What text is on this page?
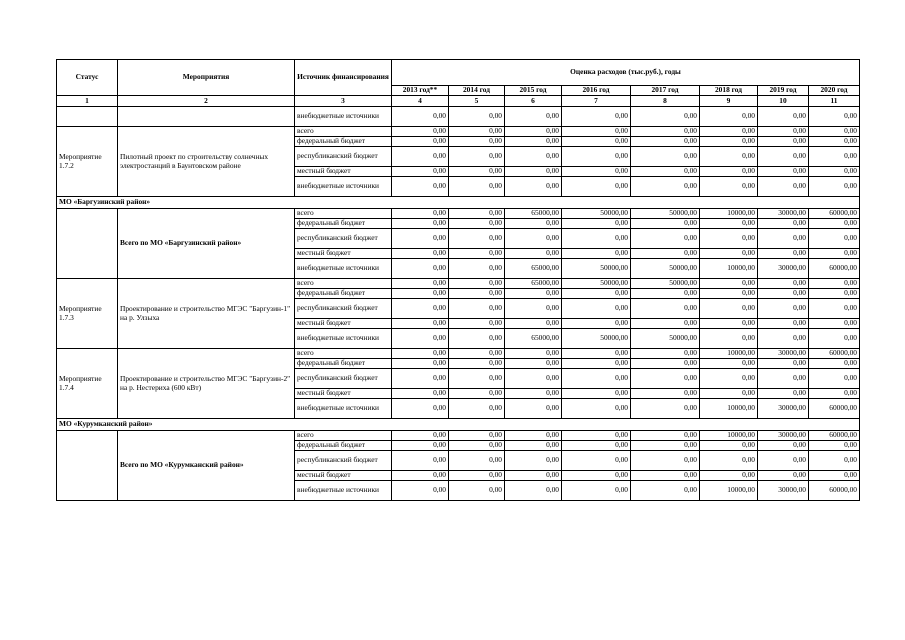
Статус	Мероприятия	Источник финансирования	Оценка расходов (тыс.руб.), годы							
			2013 год**	2014 год	2015 год	2016 год	2017 год	2018 год	2019 год	2020 год
1	2	3	4	5	6	7	8	9	10	11
		внебюджетные источники	0,00	0,00	0,00	0,00	0,00	0,00	0,00	0,00
Мероприятие 1.7.2	Пилотный проект по строительству солнечных электростанций в Баунтовском районе	всего	0,00	0,00	0,00	0,00	0,00	0,00	0,00	0,00
		федеральный бюджет	0,00	0,00	0,00	0,00	0,00	0,00	0,00	0,00
		республиканский бюджет	0,00	0,00	0,00	0,00	0,00	0,00	0,00	0,00
		местный бюджет	0,00	0,00	0,00	0,00	0,00	0,00	0,00	0,00
		внебюджетные источники	0,00	0,00	0,00	0,00	0,00	0,00	0,00	0,00
МО «Баргузинский район»										
	Всего по МО «Баргузинский район»	всего	0,00	0,00	65000,00	50000,00	50000,00	10000,00	30000,00	60000,00
		федеральный бюджет	0,00	0,00	0,00	0,00	0,00	0,00	0,00	0,00
		республиканский бюджет	0,00	0,00	0,00	0,00	0,00	0,00	0,00	0,00
		местный бюджет	0,00	0,00	0,00	0,00	0,00	0,00	0,00	0,00
		внебюджетные источники	0,00	0,00	65000,00	50000,00	50000,00	10000,00	30000,00	60000,00
Мероприятие 1.7.3	Проектирование и строительство МГЭС "Баргузин-1" на р. Улзыха	всего	0,00	0,00	65000,00	50000,00	50000,00	0,00	0,00	0,00
		федеральный бюджет	0,00	0,00	0,00	0,00	0,00	0,00	0,00	0,00
		республиканский бюджет	0,00	0,00	0,00	0,00	0,00	0,00	0,00	0,00
		местный бюджет	0,00	0,00	0,00	0,00	0,00	0,00	0,00	0,00
		внебюджетные источники	0,00	0,00	65000,00	50000,00	50000,00	0,00	0,00	0,00
Мероприятие 1.7.4	Проектирование и строительство МГЭС "Баргузин-2" на р. Нестериха (600 кВт)	всего	0,00	0,00	0,00	0,00	0,00	10000,00	30000,00	60000,00
		федеральный бюджет	0,00	0,00	0,00	0,00	0,00	0,00	0,00	0,00
		республиканский бюджет	0,00	0,00	0,00	0,00	0,00	0,00	0,00	0,00
		местный бюджет	0,00	0,00	0,00	0,00	0,00	0,00	0,00	0,00
		внебюджетные источники	0,00	0,00	0,00	0,00	0,00	10000,00	30000,00	60000,00
МО «Курумканский район»										
	Всего по МО «Курумканский район»	всего	0,00	0,00	0,00	0,00	0,00	10000,00	30000,00	60000,00
		федеральный бюджет	0,00	0,00	0,00	0,00	0,00	0,00	0,00	0,00
		республиканский бюджет	0,00	0,00	0,00	0,00	0,00	0,00	0,00	0,00
		местный бюджет	0,00	0,00	0,00	0,00	0,00	0,00	0,00	0,00
		внебюджетные источники	0,00	0,00	0,00	0,00	0,00	10000,00	30000,00	60000,00
